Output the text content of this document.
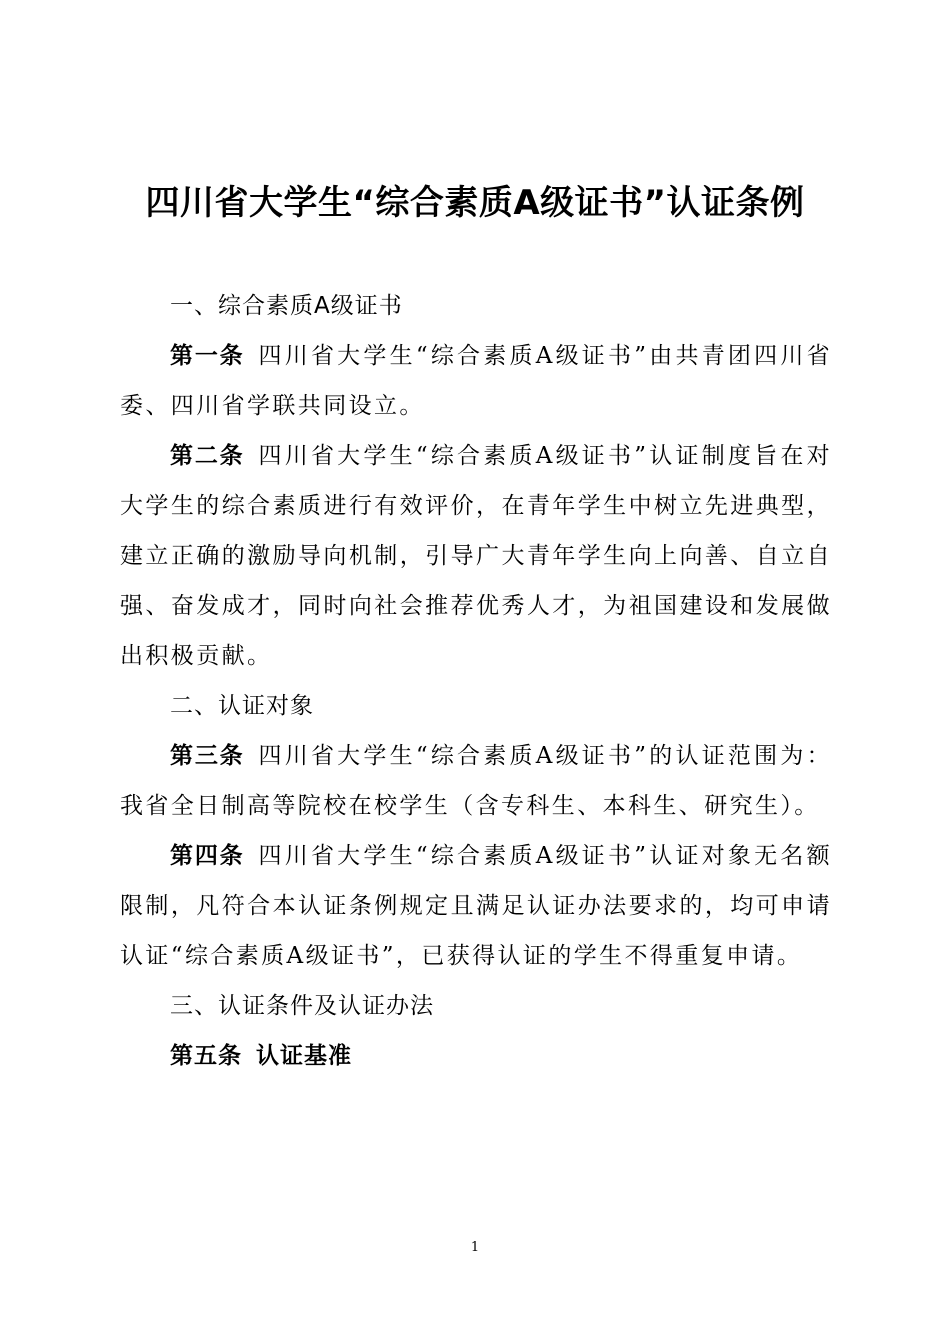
四川省大学生“综合素质A级证书”认证条例

一、综合素质A级证书

第一条 四川省大学生“综合素质A级证书”由共青团四川省委、四川省学联共同设立。

第二条 四川省大学生“综合素质A级证书”认证制度旨在对大学生的综合素质进行有效评价，在青年学生中树立先进典型，建立正确的激励导向机制，引导广大青年学生向上向善、自立自强、奋发成才，同时向社会推荐优秀人才，为祖国建设和发展做出积极贡献。

二、认证对象

第三条 四川省大学生“综合素质A级证书”的认证范围为：我省全日制高等院校在校学生（含专科生、本科生、研究生）。

第四条 四川省大学生“综合素质A级证书”认证对象无名额限制，凡符合本认证条例规定且满足认证办法要求的，均可申请认证“综合素质A级证书”，已获得认证的学生不得重复申请。

三、认证条件及认证办法

第五条 认证基准

1
